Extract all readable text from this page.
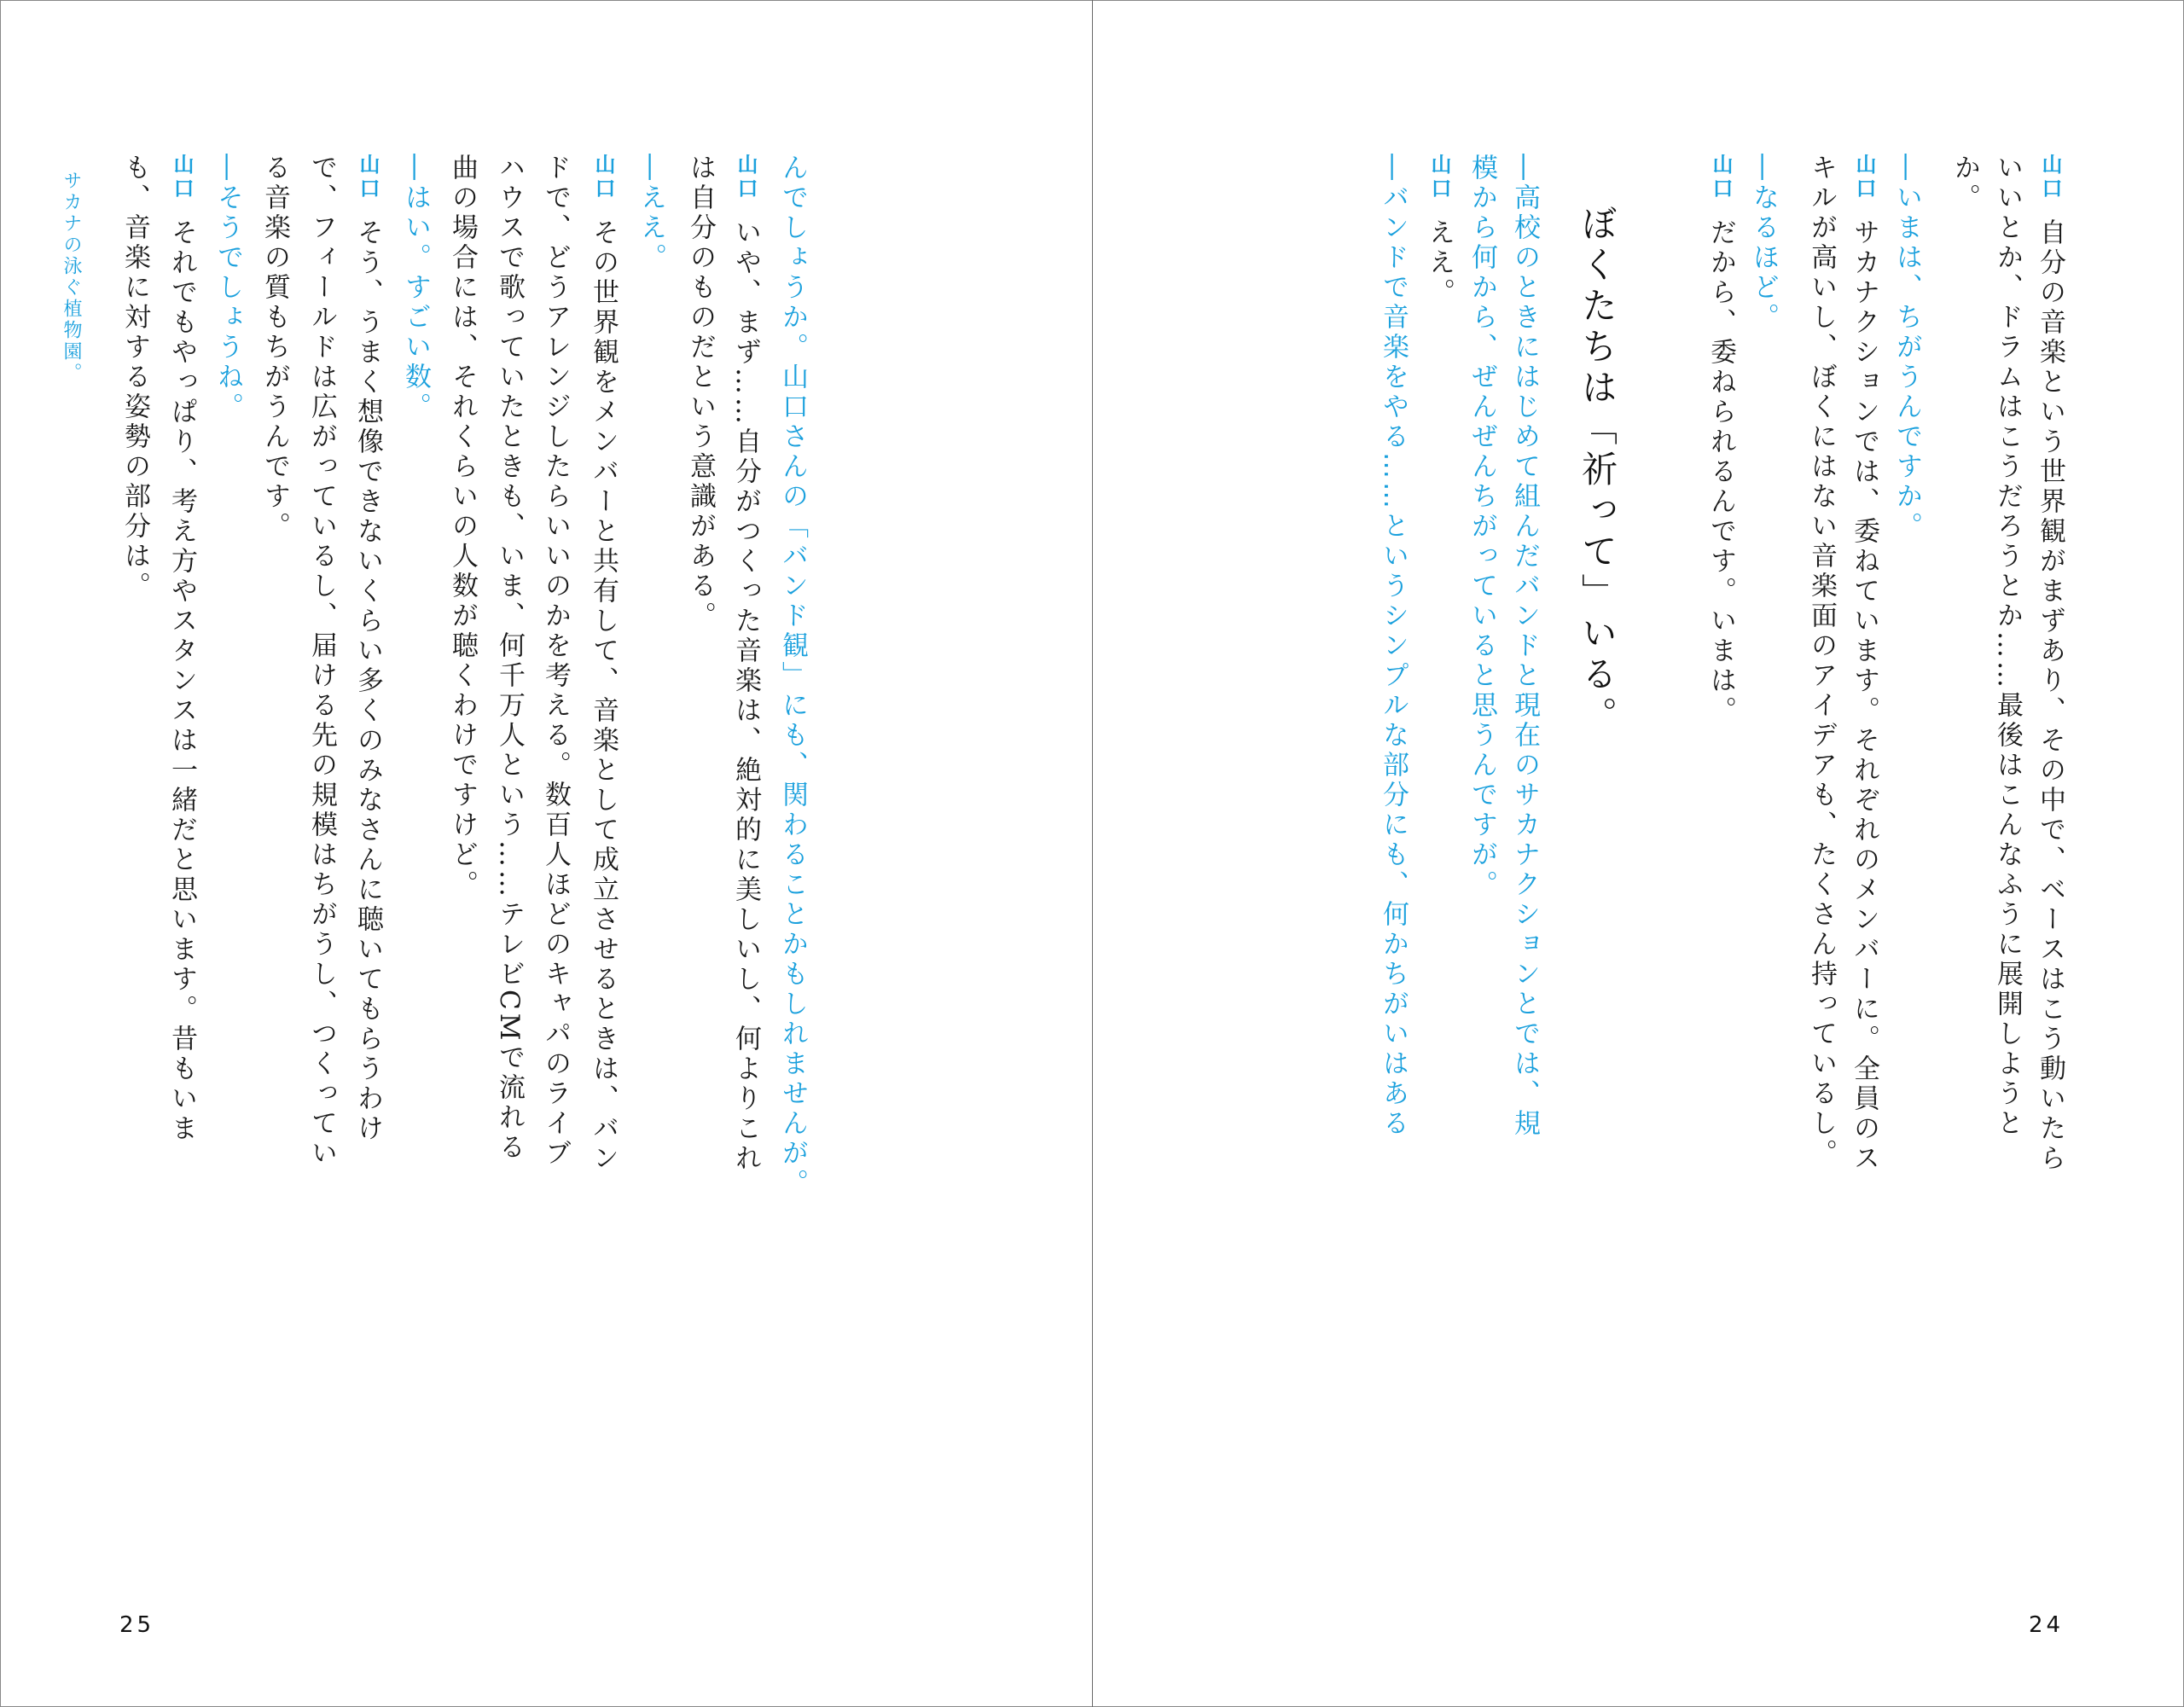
山口自分の音楽という世界観がまずあり、その中で、ベースはこう動いたら
いいとか、ドラムはこうだろうとか……最後はこんなふうに展開しようと
か。
―いまは、ちがうんですか。
山口サカナクションでは、委ねています。それぞれのメンバーに。全員のス
キルが高いし、ぼくにはない音楽面のアイデアも、たくさん持っているし。
―なるほど。
山口だから、委ねられるんです。いまは。
ぼくたちは「祈って」いる。
―高校のときにはじめて組んだバンドと現在のサカナクションとでは、規
模から何から、ぜんぜんちがっていると思うんですが。
山口ええ。
―バンドで音楽をやる……というシンプルな部分にも、何かちがいはある
24
んでしょうか。山口さんの「バンド観」にも、関わることかもしれませんが。
山口いや、まず……自分がつくった音楽は、絶対的に美しいし、何よりこれ
は自分のものだという意識がある。
―ええ。
山口その世界観をメンバーと共有して、音楽として成立させるときは、バン
ドで、どうアレンジしたらいいのかを考える。数百人ほどのキャパのライブ
ハウスで歌っていたときも、いま、何千万人という……テレビCMで流れる
曲の場合には、それくらいの人数が聴くわけですけど。
―はい。すごい数。
山口そう、うまく想像できないくらい多くのみなさんに聴いてもらうわけ
で、フィールドは広がっているし、届ける先の規模はちがうし、つくってい
る音楽の質もちがうんです。
―そうでしょうね。
山口それでもやっぱり、考え方やスタンスは一緒だと思います。昔もいま
も、音楽に対する姿勢の部分は。
サカナの泳ぐ植物園。
25
